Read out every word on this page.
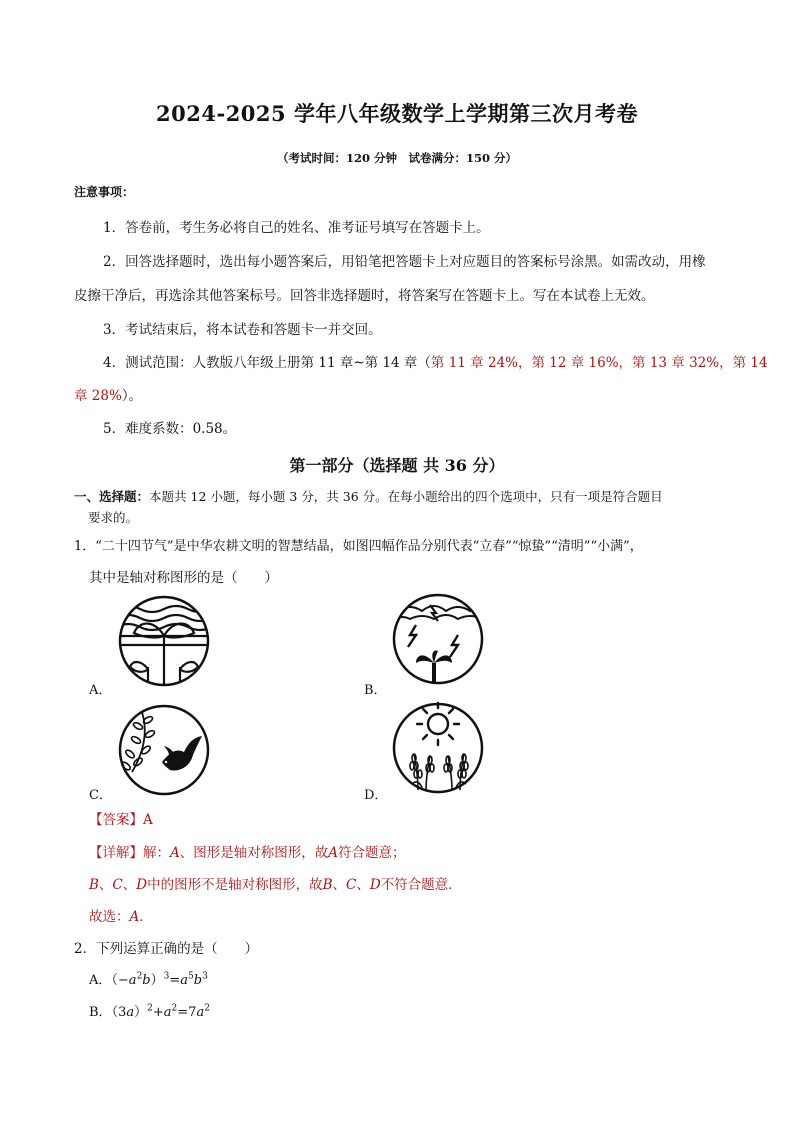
2024-2025 学年八年级数学上学期第三次月考卷
（考试时间：120 分钟　试卷满分：150 分）
注意事项：
1．答卷前，考生务必将自己的姓名、准考证号填写在答题卡上。
2．回答选择题时，选出每小题答案后，用铅笔把答题卡上对应题目的答案标号涂黑。如需改动，用橡
皮擦干净后，再选涂其他答案标号。回答非选择题时，将答案写在答题卡上。写在本试卷上无效。
3．考试结束后，将本试卷和答题卡一并交回。
4．测试范围：人教版八年级上册第 11 章~第 14 章（第 11 章 24%，第 12 章 16%，第 13 章 32%，第 14
章 28%）。
5．难度系数：0.58。
第一部分（选择题 共 36 分）
一、选择题：本题共 12 小题，每小题 3 分，共 36 分。在每小题给出的四个选项中，只有一项是符合题目
要求的。
1．“二十四节气”是中华农耕文明的智慧结晶，如图四幅作品分别代表“立春”“惊蛰”“清明”“小满”，
其中是轴对称图形的是（　　）
A．	B．
C．	D．
【答案】A
【详解】解：A、图形是轴对称图形，故A符合题意；
B、C、D中的图形不是轴对称图形，故B、C、D不符合题意．
故选：A．
2．下列运算正确的是（　　）
A．$(-a^2b)^3=a^5b^3$
B．$(3a)^2+a^2=7a^2$
